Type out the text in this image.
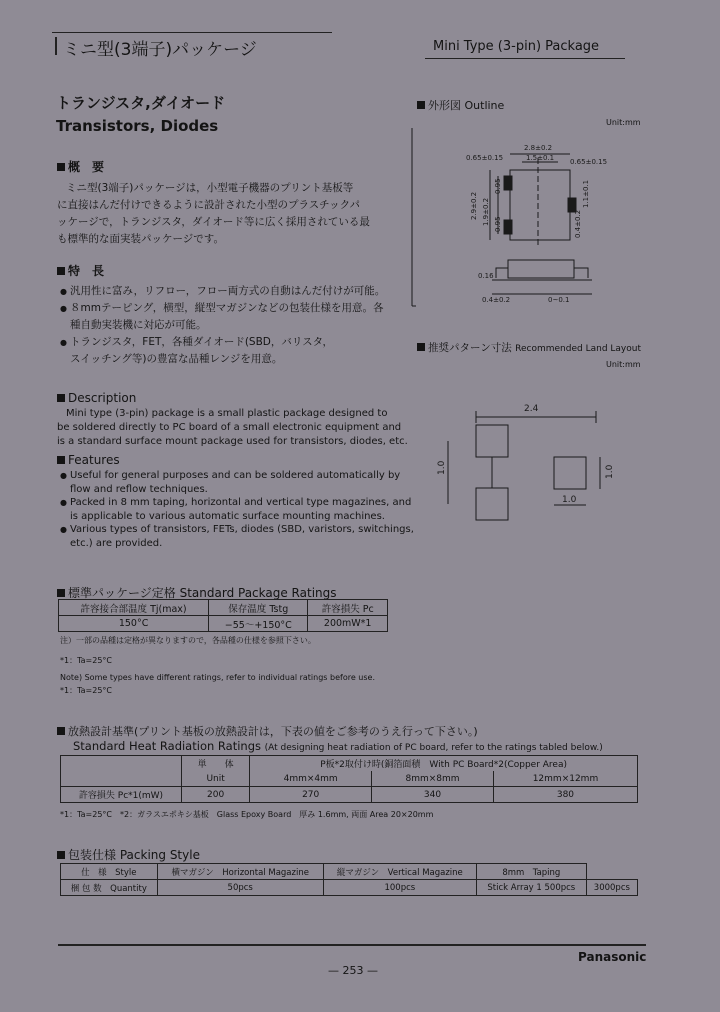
ミニ型(3端子)パッケージ	Mini Type (3-pin) Package
トランジスタ,ダイオード
Transistors, Diodes
概　要
ミニ型(3端子)パッケージは，小型電子機器のプリント基板等
に直接はんだ付けできるように設計された小型のプラスチックパ
ッケージで，トランジスタ，ダイオード等に広く採用されている最
も標準的な面実装パッケージです。
特　長
● 汎用性に富み，リフロー，フロー両方式の自動はんだ付けが可能。
● ８mmテーピング，横型，縦型マガジンなどの包装仕様を用意。各
種自動実装機に対応が可能。
● トランジスタ，FET，各種ダイオード(SBD，バリスタ，
スイッチング等)の豊富な品種レンジを用意。
Description
Mini type (3-pin) package is a small plastic package designed to
be soldered directly to PC board of a small electronic equipment and
is a standard surface mount package used for transistors, diodes, etc.
Features
● Useful for general purposes and can be soldered automatically by
flow and reflow techniques.
● Packed in 8 mm taping, horizontal and vertical type magazines, and
is applicable to various automatic surface mounting machines.
● Various types of transistors, FETs, diodes (SBD, varistors, switchings,
etc.) are provided.
外形図 Outline
Unit:mm
2.8±0.2
1.5±0.1
0.65±0.15	0.65±0.15
2.9±0.2 1.9±0.2
0.95
0.95	0.4±0.2
1.1±0.1
0.16
0~0.1
0.4±0.2
推奨パターン寸法 Recommended Land Layout
Unit:mm
2.4
1.0	1.0
1.0
標準パッケージ定格 Standard Package Ratings
許容接合部温度 Tj(max)	保存温度 Tstg	許容損失 Pc
150°C	−55〜+150°C	200mW*1
注）一部の品種は定格が異なりますので，各品種の仕様を参照下さい。
*1：Ta=25°C
Note) Some types have different ratings, refer to individual ratings before use.
*1：Ta=25°C
放熱設計基準(プリント基板の放熱設計は，下表の値をご参考のうえ行って下さい。)
Standard Heat Radiation Ratings (At designing heat radiation of PC board, refer to the ratings tabled below.)
	単　　体	P板*2取付け時(銅箔面積　With PC Board*2(Copper Area)		
	Unit	4mm×4mm	8mm×8mm	12mm×12mm
許容損失 Pc*1(mW)	200	270	340	380
*1：Ta=25°C　*2：ガラスエポキシ基板　Glass Epoxy Board　厚み 1.6mm, 両面 Area 20×20mm
包装仕様 Packing Style
仕　様　Style	横マガジン　Horizontal Magazine	縦マガジン　Vertical Magazine	8mm　Taping	
梱 包 数　Quantity	50pcs	100pcs	Stick Array 1 500pcs	3000pcs
Panasonic
— 253 —
